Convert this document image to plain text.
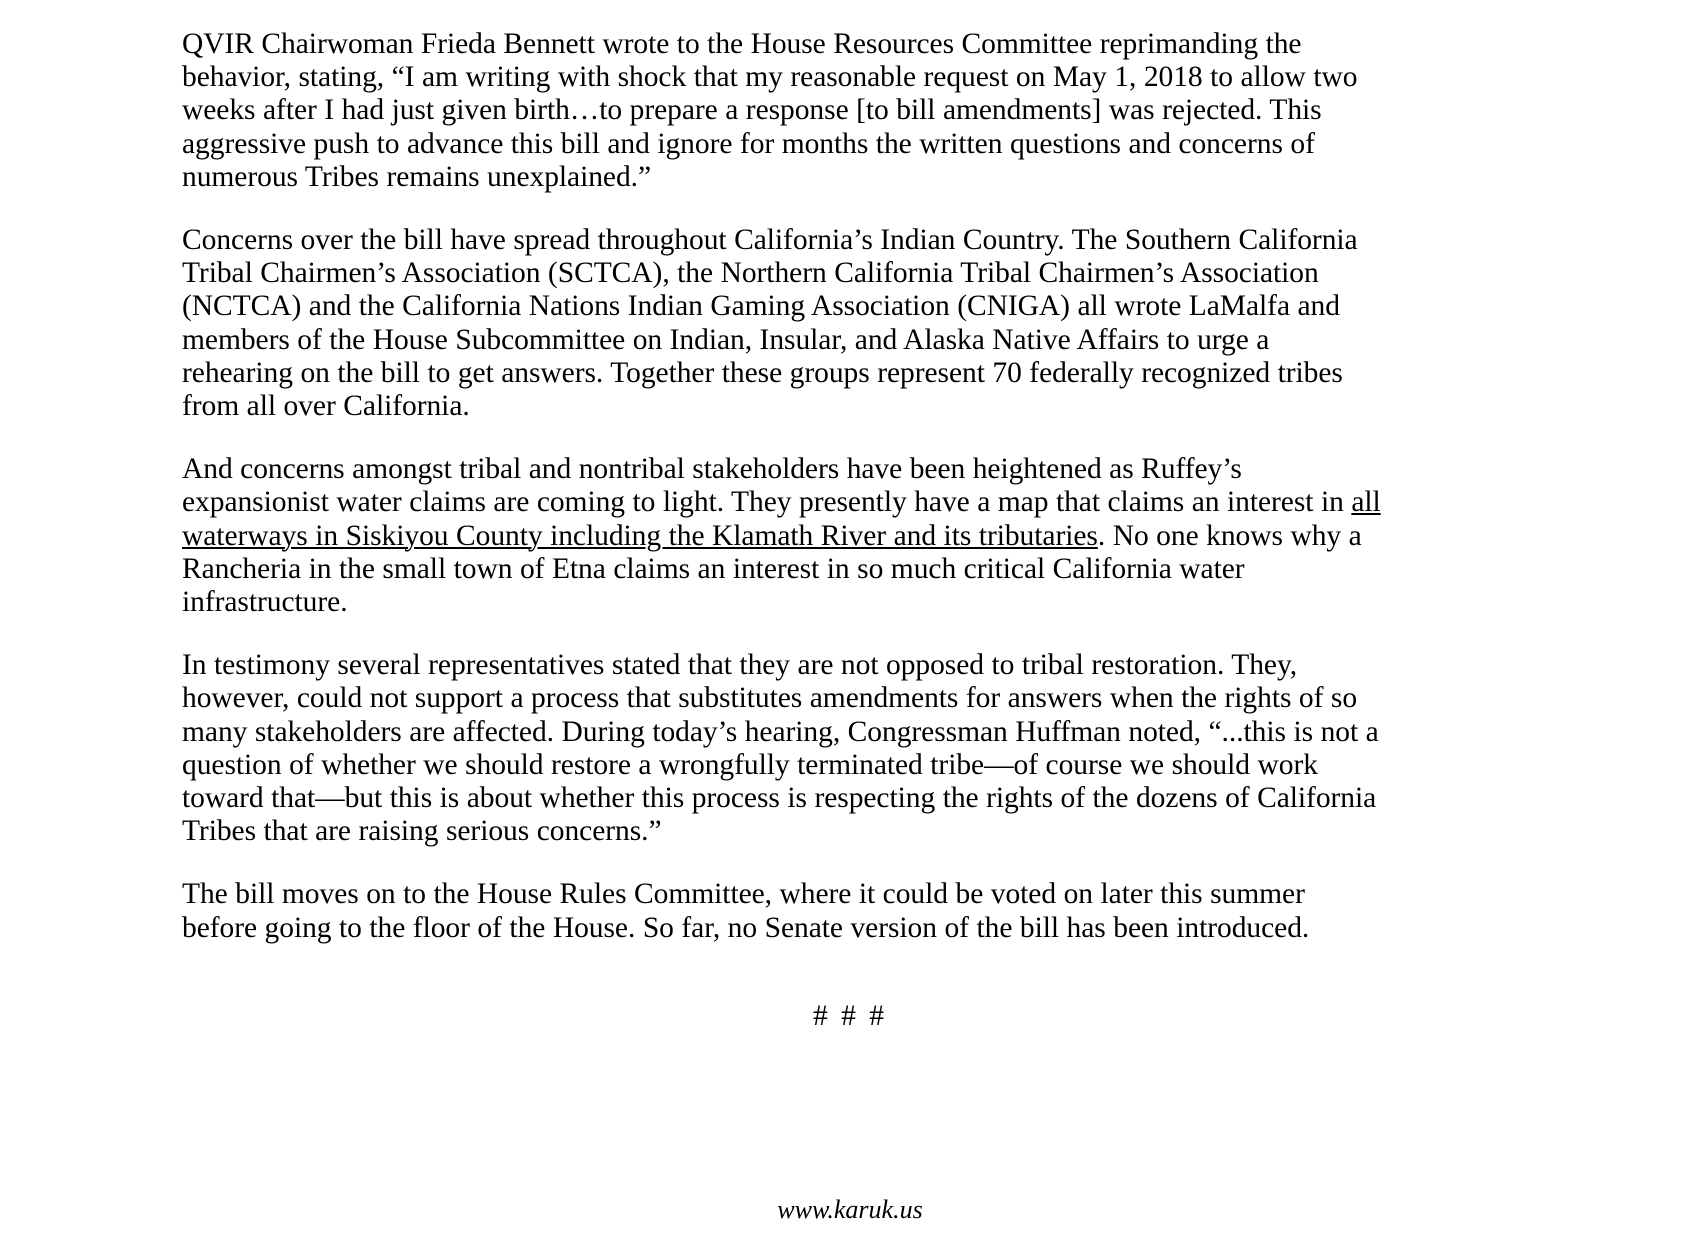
QVIR Chairwoman Frieda Bennett wrote to the House Resources Committee reprimanding the behavior, stating, “I am writing with shock that my reasonable request on May 1, 2018 to allow two weeks after I had just given birth…to prepare a response [to bill amendments] was rejected. This aggressive push to advance this bill and ignore for months the written questions and concerns of numerous Tribes remains unexplained.”

Concerns over the bill have spread throughout California’s Indian Country. The Southern California Tribal Chairmen’s Association (SCTCA), the Northern California Tribal Chairmen’s Association (NCTCA) and the California Nations Indian Gaming Association (CNIGA) all wrote LaMalfa and members of the House Subcommittee on Indian, Insular, and Alaska Native Affairs to urge a rehearing on the bill to get answers. Together these groups represent 70 federally recognized tribes from all over California.

And concerns amongst tribal and nontribal stakeholders have been heightened as Ruffey’s expansionist water claims are coming to light. They presently have a map that claims an interest in all waterways in Siskiyou County including the Klamath River and its tributaries. No one knows why a Rancheria in the small town of Etna claims an interest in so much critical California water infrastructure.

In testimony several representatives stated that they are not opposed to tribal restoration. They, however, could not support a process that substitutes amendments for answers when the rights of so many stakeholders are affected. During today’s hearing, Congressman Huffman noted, “...this is not a question of whether we should restore a wrongfully terminated tribe—of course we should work toward that—but this is about whether this process is respecting the rights of the dozens of California Tribes that are raising serious concerns.”

The bill moves on to the House Rules Committee, where it could be voted on later this summer before going to the floor of the House. So far, no Senate version of the bill has been introduced.

# # #
www.karuk.us
